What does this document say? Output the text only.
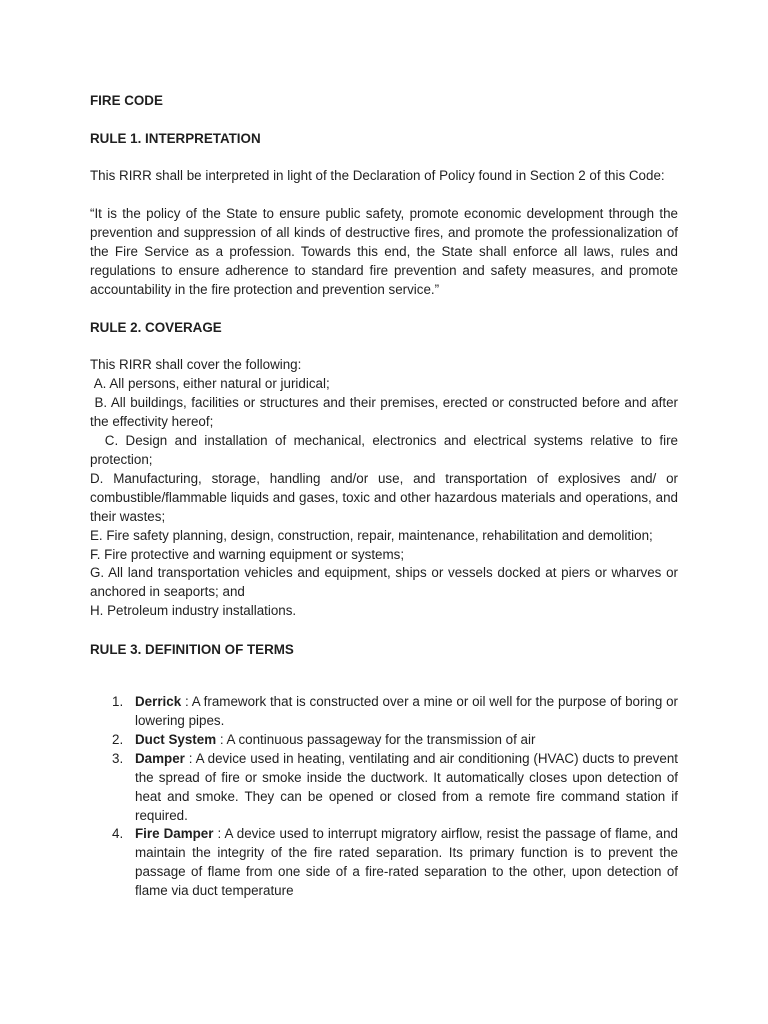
FIRE CODE
RULE 1. INTERPRETATION

This RIRR shall be interpreted in light of the Declaration of Policy found in Section 2 of this Code:

“It is the policy of the State to ensure public safety, promote economic development through the prevention and suppression of all kinds of destructive fires, and promote the professionalization of the Fire Service as a profession. Towards this end, the State shall enforce all laws, rules and regulations to ensure adherence to standard fire prevention and safety measures, and promote accountability in the fire protection and prevention service.”

RULE 2. COVERAGE

This RIRR shall cover the following:

A. All persons, either natural or juridical;
B. All buildings, facilities or structures and their premises, erected or constructed before and after the effectivity hereof;
C. Design and installation of mechanical, electronics and electrical systems relative to fire protection;
D. Manufacturing, storage, handling and/or use, and transportation of explosives and/ or combustible/flammable liquids and gases, toxic and other hazardous materials and operations, and their wastes;
E. Fire safety planning, design, construction, repair, maintenance, rehabilitation and demolition;
F. Fire protective and warning equipment or systems;
G. All land transportation vehicles and equipment, ships or vessels docked at piers or wharves or anchored in seaports; and
H. Petroleum industry installations.
RULE 3. DEFINITION OF TERMS
1. Derrick : A framework that is constructed over a mine or oil well for the purpose of boring or lowering pipes.
2. Duct System : A continuous passageway for the transmission of air
3. Damper : A device used in heating, ventilating and air conditioning (HVAC) ducts to prevent the spread of fire or smoke inside the ductwork. It automatically closes upon detection of heat and smoke. They can be opened or closed from a remote fire command station if required.
4. Fire Damper : A device used to interrupt migratory airflow, resist the passage of flame, and maintain the integrity of the fire rated separation. Its primary function is to prevent the passage of flame from one side of a fire-rated separation to the other, upon detection of flame via duct temperature
